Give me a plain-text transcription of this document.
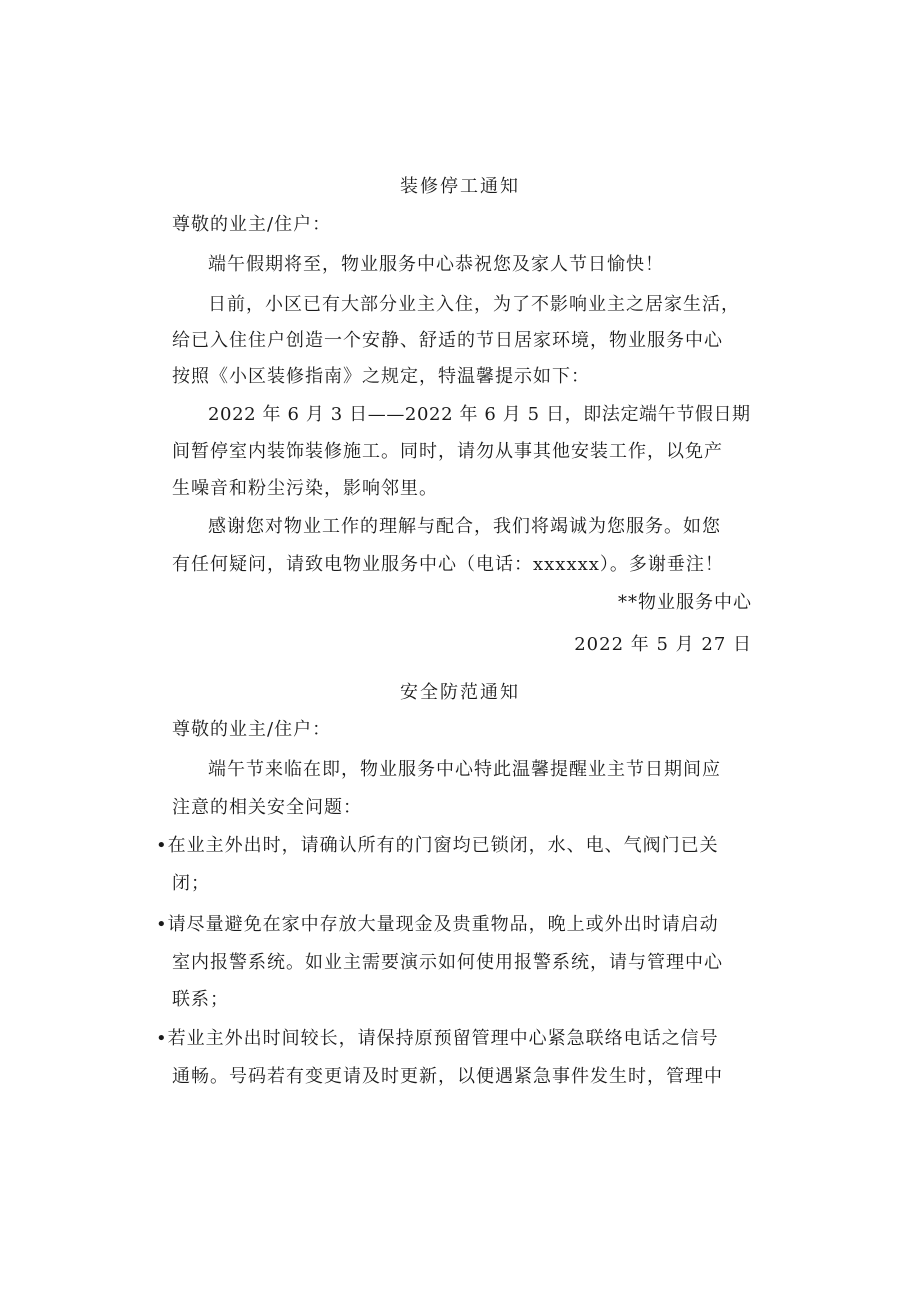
装修停工通知
尊敬的业主/住户：
端午假期将至，物业服务中心恭祝您及家人节日愉快！
日前，小区已有大部分业主入住，为了不影响业主之居家生活，
给已入住住户创造一个安静、舒适的节日居家环境，物业服务中心
按照《小区装修指南》之规定，特温馨提示如下：
2022 年 6 月 3 日——2022 年 6 月 5 日，即法定端午节假日期
间暂停室内装饰装修施工。同时，请勿从事其他安装工作，以免产
生噪音和粉尘污染，影响邻里。
感谢您对物业工作的理解与配合，我们将竭诚为您服务。如您
有任何疑问，请致电物业服务中心（电话：xxxxxx）。多谢垂注！
**物业服务中心
2022 年 5 月 27 日
安全防范通知
尊敬的业主/住户：
端午节来临在即，物业服务中心特此温馨提醒业主节日期间应
注意的相关安全问题：
•在业主外出时，请确认所有的门窗均已锁闭，水、电、气阀门已关
闭；
•请尽量避免在家中存放大量现金及贵重物品，晚上或外出时请启动
室内报警系统。如业主需要演示如何使用报警系统，请与管理中心
联系；
•若业主外出时间较长，请保持原预留管理中心紧急联络电话之信号
通畅。号码若有变更请及时更新，以便遇紧急事件发生时，管理中
